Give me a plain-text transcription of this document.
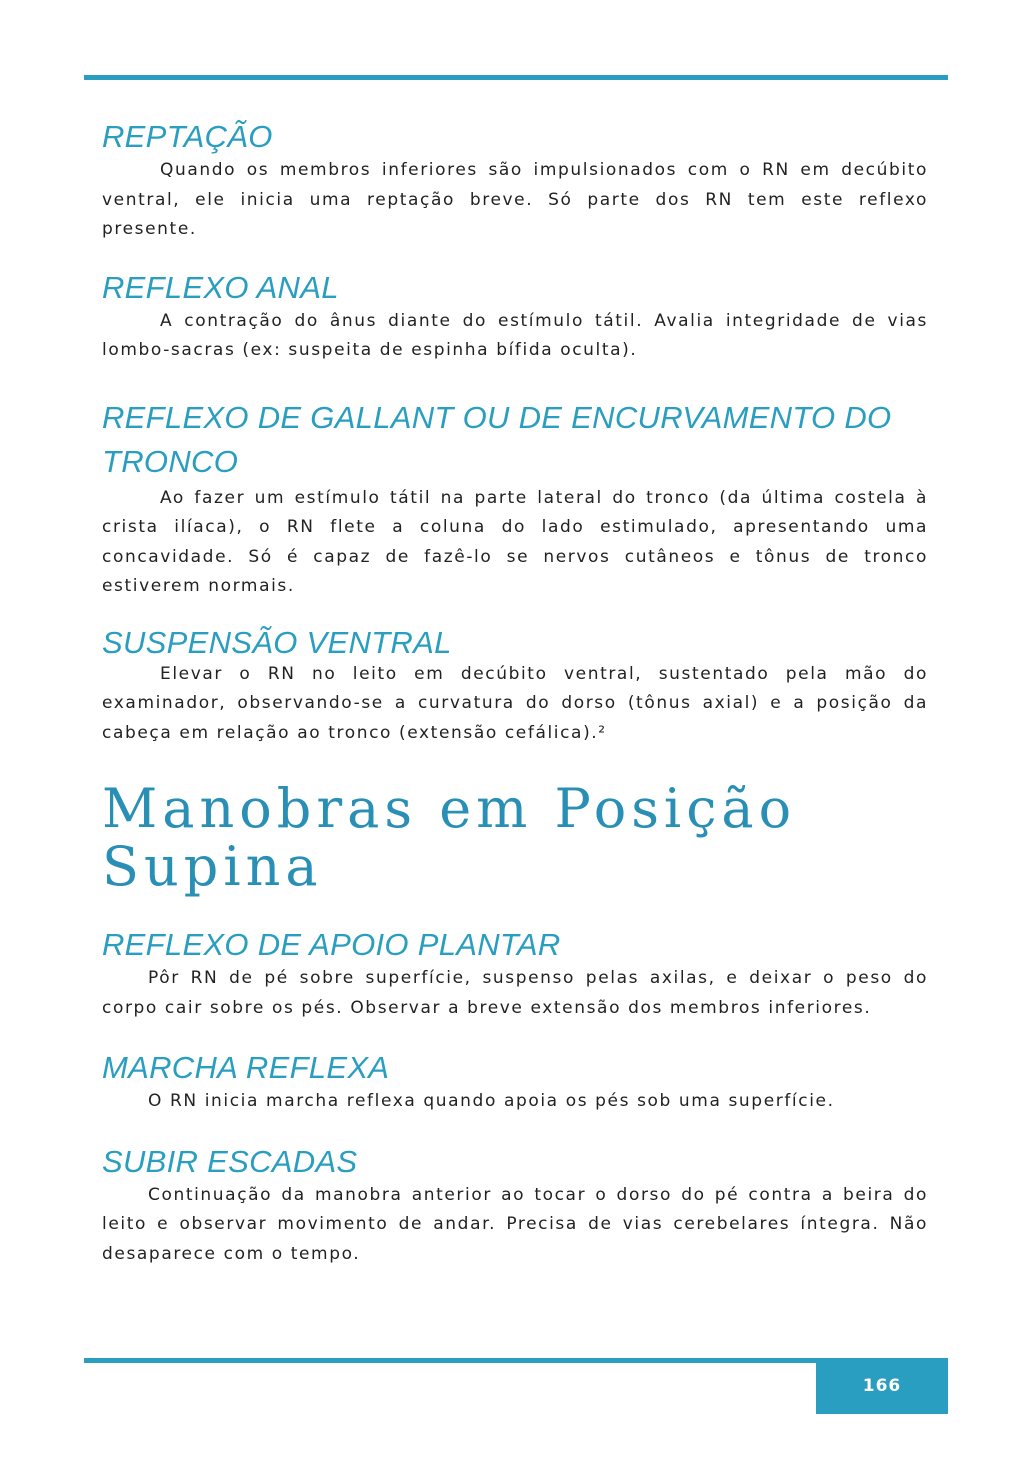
REPTAÇÃO

Quando os membros inferiores são impulsionados com o RN em decúbito ventral, ele inicia uma reptação breve. Só parte dos RN tem este reflexo presente.

REFLEXO ANAL

A contração do ânus diante do estímulo tátil. Avalia integridade de vias lombo-sacras (ex: suspeita de espinha bífida oculta).

REFLEXO DE GALLANT OU DE ENCURVAMENTO DO TRONCO

Ao fazer um estímulo tátil na parte lateral do tronco (da última costela à crista ilíaca), o RN flete a coluna do lado estimulado, apresentando uma concavidade. Só é capaz de fazê-lo se nervos cutâneos e tônus de tronco estiverem normais.

SUSPENSÃO VENTRAL

Elevar o RN no leito em decúbito ventral, sustentado pela mão do examinador, observando-se a curvatura do dorso (tônus axial) e a posição da cabeça em relação ao tronco (extensão cefálica).²

Manobras em Posição Supina
REFLEXO DE APOIO PLANTAR

Pôr RN de pé sobre superfície, suspenso pelas axilas, e deixar o peso do corpo cair sobre os pés. Observar a breve extensão dos membros inferiores.

MARCHA REFLEXA

O RN inicia marcha reflexa quando apoia os pés sob uma superfície.

SUBIR ESCADAS

Continuação da manobra anterior ao tocar o dorso do pé contra a beira do leito e observar movimento de andar. Precisa de vias cerebelares íntegra. Não desaparece com o tempo.

166
